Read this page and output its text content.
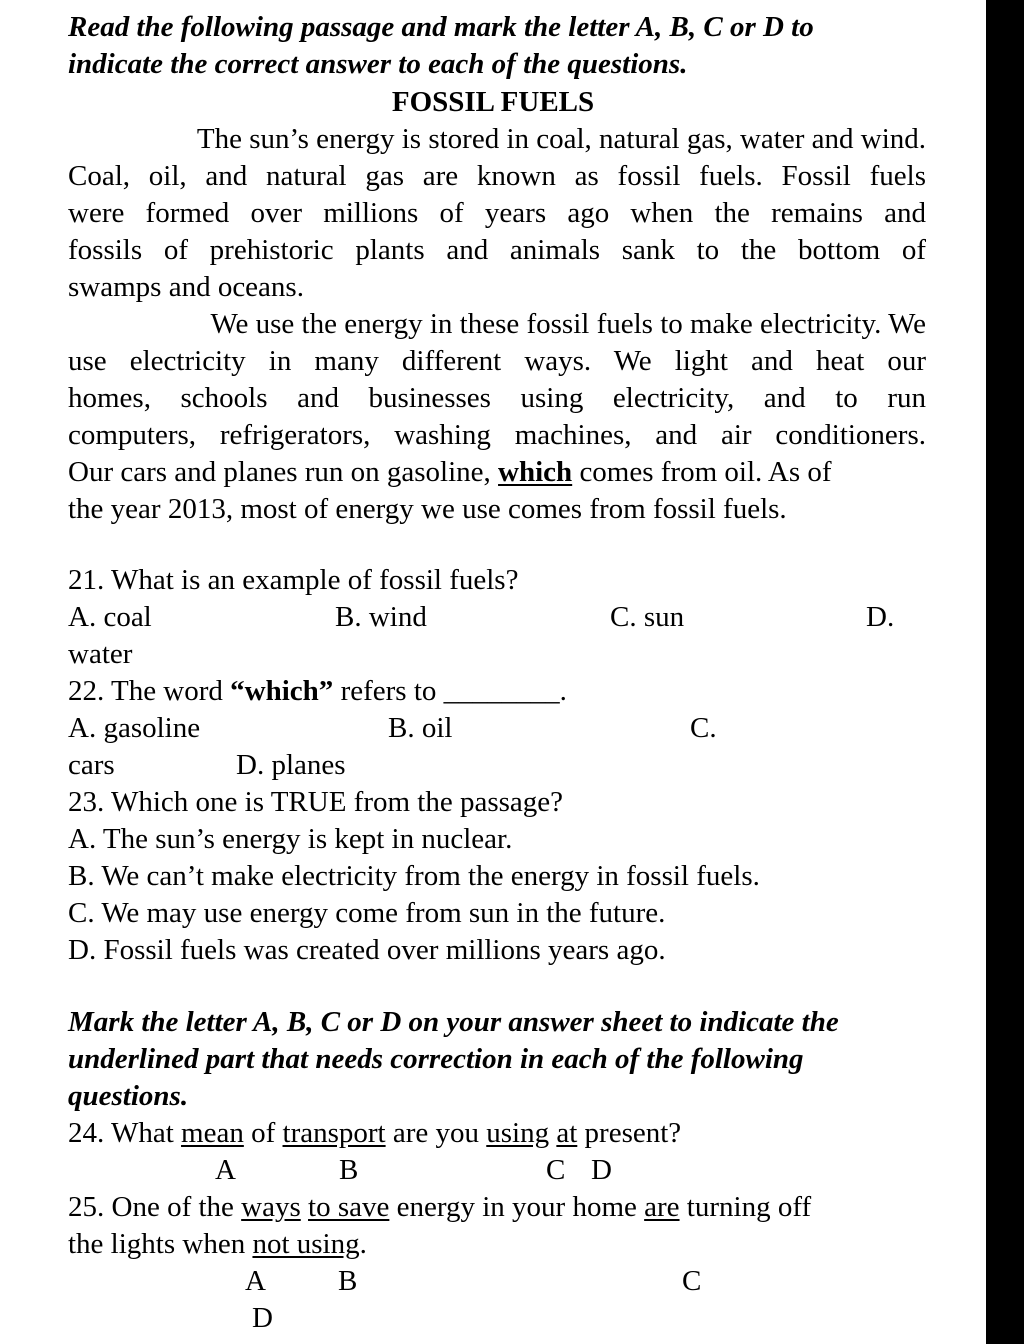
Read the following passage and mark the letter A, B, C or D to
indicate the correct answer to each of the questions.
FOSSIL FUELS
The sun’s energy is stored in coal, natural gas, water and wind.
Coal, oil, and natural gas are known as fossil fuels. Fossil fuels
were formed over millions of years ago when the remains and
fossils of prehistoric plants and animals sank to the bottom of
swamps and oceans.
We use the energy in these fossil fuels to make electricity. We
use electricity in many different ways. We light and heat our
homes, schools and businesses using electricity, and to run
computers, refrigerators, washing machines, and air conditioners.
Our cars and planes run on gasoline, which comes from oil. As of
the year 2013, most of energy we use comes from fossil fuels.
21. What is an example of fossil fuels?
A. coal	B. wind	C. sun	D.
water
22. The word “which” refers to ________.
A. gasoline	B. oil	C.
cars	D. planes
23. Which one is TRUE from the passage?
A. The sun’s energy is kept in nuclear.
B. We can’t make electricity from the energy in fossil fuels.
C. We may use energy come from sun in the future.
D. Fossil fuels was created over millions years ago.
Mark the letter A, B, C or D on your answer sheet to indicate the
underlined part that needs correction in each of the following
questions.
24. What mean of transport are you using at present?
A	B	C D
25. One of the ways to save energy in your home are turning off
the lights when not using.
A B	C
D
